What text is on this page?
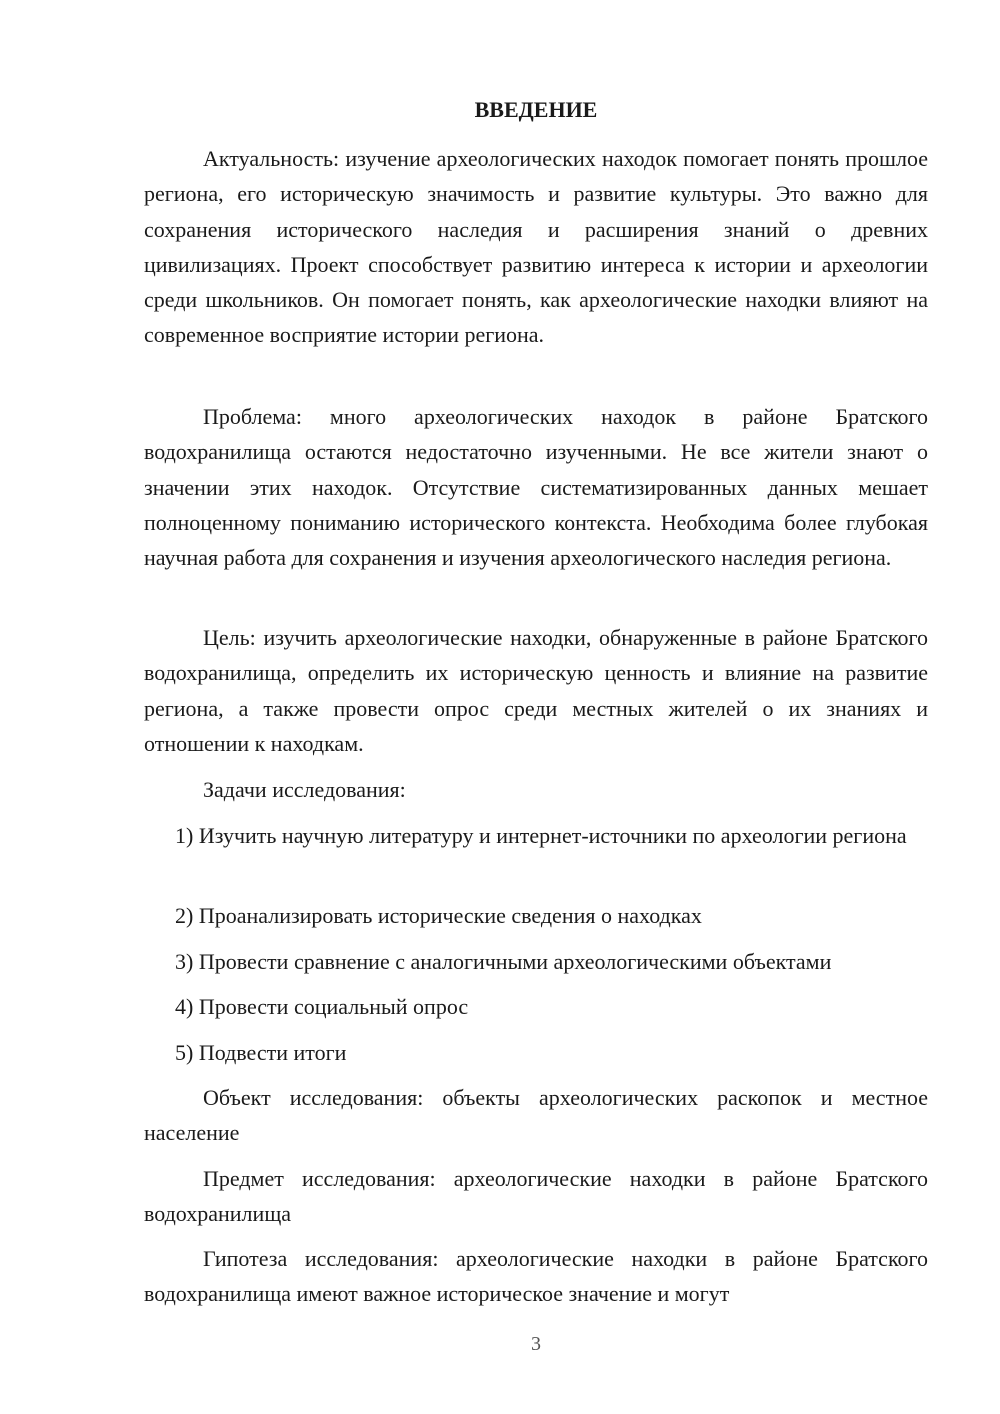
ВВЕДЕНИЕ

Актуальность: изучение археологических находок помогает понять прошлое региона, его историческую значимость и развитие культуры. Это важно для сохранения исторического наследия и расширения знаний о древних цивилизациях. Проект способствует развитию интереса к истории и археологии среди школьников. Он помогает понять, как археологические находки влияют на современное восприятие истории региона.

Проблема: много археологических находок в районе Братского водохранилища остаются недостаточно изученными. Не все жители знают о значении этих находок. Отсутствие систематизированных данных мешает полноценному пониманию исторического контекста. Необходима более глубокая научная работа для сохранения и изучения археологического наследия региона.

Цель: изучить археологические находки, обнаруженные в районе Братского водохранилища, определить их историческую ценность и влияние на развитие региона, а также провести опрос среди местных жителей о их знаниях и отношении к находкам.

Задачи исследования:

1) Изучить научную литературу и интернет-источники по археологии региона

2) Проанализировать исторические сведения о находках

3) Провести сравнение с аналогичными археологическими объектами

4) Провести социальный опрос

5) Подвести итоги

Объект исследования: объекты археологических раскопок и местное население

Предмет исследования: археологические находки в районе Братского водохранилища

Гипотеза исследования: археологические находки в районе Братского водохранилища имеют важное историческое значение и могут

3
